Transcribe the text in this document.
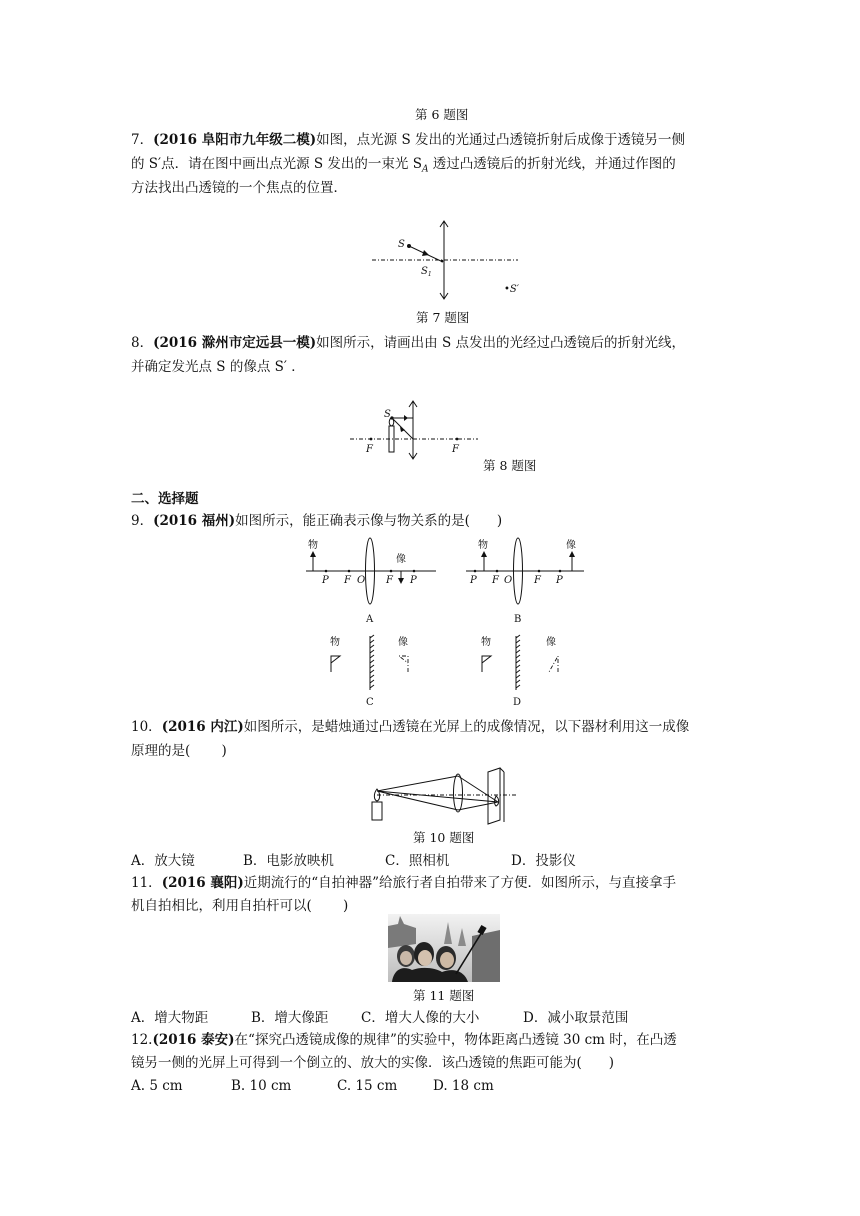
第 6 题图
7．(2016 阜阳市九年级二模)如图，点光源 S 发出的光通过凸透镜折射后成像于透镜另一侧
的 S′点．请在图中画出点光源 S 发出的一束光 $S_A$ 透过凸透镜后的折射光线，并通过作图的
方法找出凸透镜的一个焦点的位置．
S
$S_1$
•S′
第 7 题图
8．(2016 滁州市定远县一模)如图所示，请画出由 S 点发出的光经过凸透镜后的折射光线，
并确定发光点 S 的像点 S′ ．
S
F	F
第 8 题图
二、选择题
9．(2016 福州)如图所示，能正确表示像与物关系的是(　　)
物
像
P F O F P
A
物	像
P F O F P
B
物	像
C
物	像
D
10．(2016 内江)如图所示，是蜡烛通过凸透镜在光屏上的成像情况，以下器材利用这一成像
原理的是(　　 )
第 10 题图
A．放大镜	B．电影放映机	C．照相机	D．投影仪
11．(2016 襄阳)近期流行的“自拍神器”给旅行者自拍带来了方便．如图所示，与直接拿手
机自拍相比，利用自拍杆可以(　　 )
第 11 题图
A．增大物距	B．增大像距 C．增大人像的大小	D．减小取景范围
12.(2016 泰安)在“探究凸透镜成像的规律”的实验中，物体距离凸透镜 30 cm 时，在凸透
镜另一侧的光屏上可得到一个倒立的、放大的实像．该凸透镜的焦距可能为(　　)
A. 5 cm	B. 10 cm	C. 15 cm	D. 18 cm
